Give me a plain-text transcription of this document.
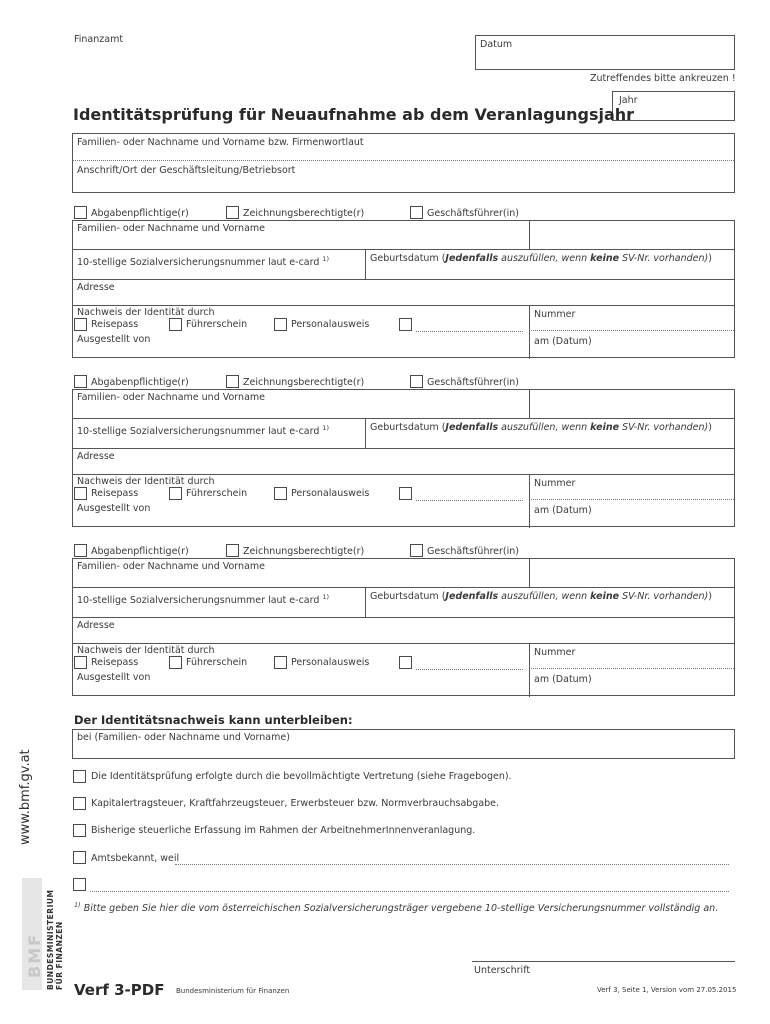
Finanzamt	Datum
Zutreffendes bitte ankreuzen !
Jahr
Identitätsprüfung für Neuaufnahme ab dem Veranlagungsjahr
Familien- oder Nachname und Vorname bzw. Firmenwortlaut
Anschrift/Ort der Geschäftsleitung/Betriebsort
Abgabenpflichtige(r)	Zeichnungsberechtigte(r)	Geschäftsführer(in)
Familien- oder Nachname und Vorname
10-stellige Sozialversicherungsnummer laut e-card $^{1)}$	Geburtsdatum (Jedenfalls auszufüllen, wenn keine SV-Nr. vorhanden))
Adresse
Nachweis der Identität durch
Reisepass	Führerschein	Personalausweis
Ausgestellt von
Nummer
am (Datum)
Abgabenpflichtige(r)	Zeichnungsberechtigte(r)	Geschäftsführer(in)
Familien- oder Nachname und Vorname
10-stellige Sozialversicherungsnummer laut e-card $^{1)}$	Geburtsdatum (Jedenfalls auszufüllen, wenn keine SV-Nr. vorhanden))
Adresse
Nachweis der Identität durch
Reisepass	Führerschein	Personalausweis
Ausgestellt von
Nummer
am (Datum)
Abgabenpflichtige(r)	Zeichnungsberechtigte(r)	Geschäftsführer(in)
Familien- oder Nachname und Vorname
10-stellige Sozialversicherungsnummer laut e-card $^{1)}$	Geburtsdatum (Jedenfalls auszufüllen, wenn keine SV-Nr. vorhanden))
Adresse
Nachweis der Identität durch
Reisepass	Führerschein	Personalausweis
Ausgestellt von
Nummer
am (Datum)
Der Identitätsnachweis kann unterbleiben:
bei (Familien- oder Nachname und Vorname)
Die Identitätsprüfung erfolgte durch die bevollmächtigte Vertretung (siehe Fragebogen).
Kapitalertragsteuer, Kraftfahrzeugsteuer, Erwerbsteuer bzw. Normverbrauchsabgabe.
Bisherige steuerliche Erfassung im Rahmen der ArbeitnehmerInnenveranlagung.
Amtsbekannt, weil
$^{1)}$ Bitte geben Sie hier die vom österreichischen Sozialversicherungsträger vergebene 10-stellige Versicherungsnummer vollständig an.
Unterschrift
Verf 3-PDF Bundesministerium für Finanzen	Verf 3, Seite 1, Version vom 27.05.2015
www.bmf.gv.at
BUNDESMINISTERIUM FÜR FINANZEN
BMF
